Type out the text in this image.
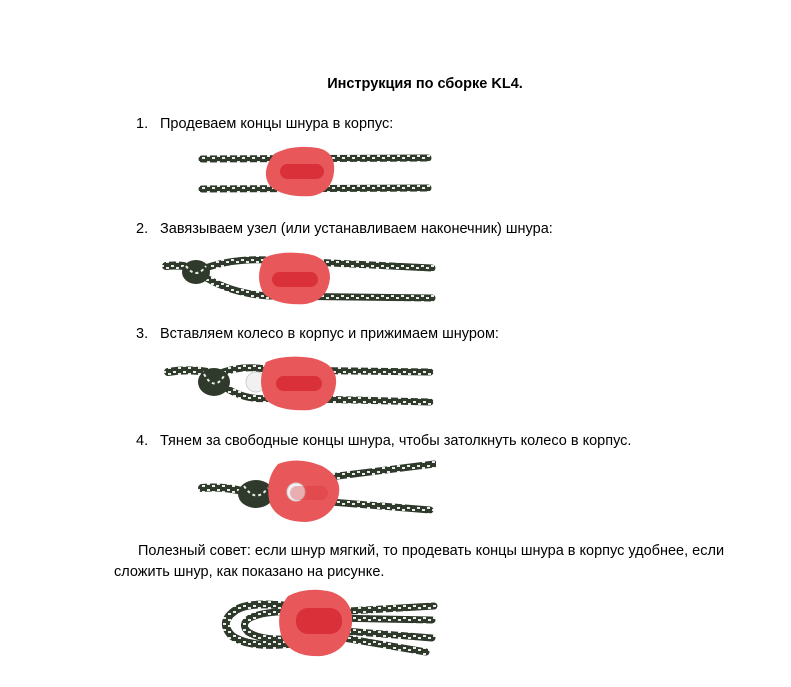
Инструкция по сборке KL4.
1. Продеваем концы шнура в корпус:
2. Завязываем узел (или устанавливаем наконечник) шнура:
3. Вставляем колесо в корпус и прижимаем шнуром:
4. Тянем за свободные концы шнура, чтобы затолкнуть колесо в корпус.
Полезный совет: если шнур мягкий, то продевать концы шнура в корпус удобнее, если сложить шнур, как показано на рисунке.
